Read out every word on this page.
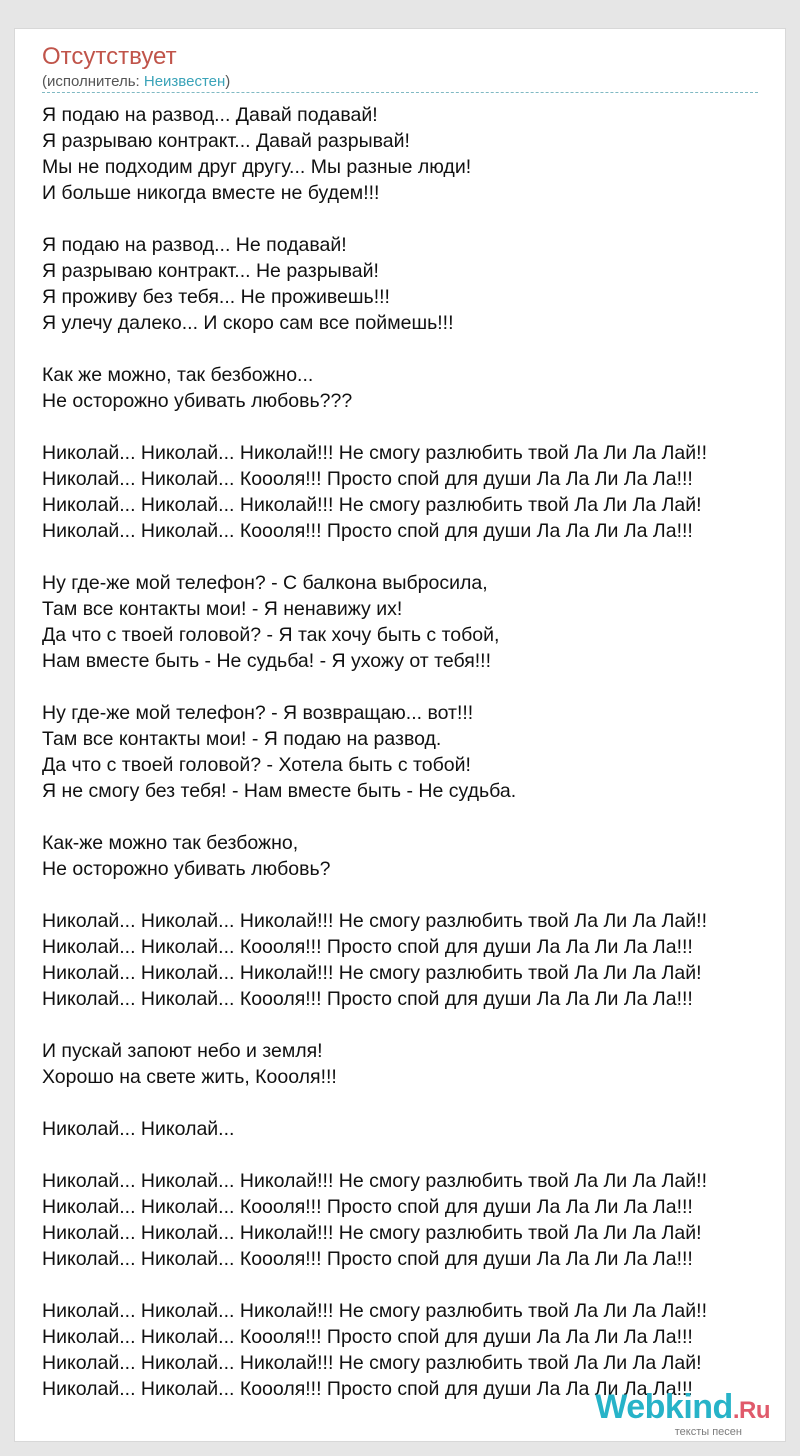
Отсутствует
(исполнитель: Неизвестен)
Я подаю на развод... Давай подавай!
Я разрываю контракт... Давай разрывай!
Мы не подходим друг другу... Мы разные люди!
И больше никогда вместе не будем!!!
Я подаю на развод... Не подавай!
Я разрываю контракт... Не разрывай!
Я проживу без тебя... Не проживешь!!!
Я улечу далеко... И скоро сам все поймешь!!!
Как же можно, так безбожно...
Не осторожно убивать любовь???
Николай... Николай... Николай!!! Не смогу разлюбить твой Ла Ли Ла Лай!!
Николай... Николай... Коооля!!! Просто спой для души Ла Ла Ли Ла Ла!!!
Николай... Николай... Николай!!! Не смогу разлюбить твой Ла Ли Ла Лай!
Николай... Николай... Коооля!!! Просто спой для души Ла Ла Ли Ла Ла!!!
Ну где-же мой телефон? - С балкона выбросила,
Там все контакты мои! - Я ненавижу их!
Да что с твоей головой? - Я так хочу быть с тобой,
Нам вместе быть - Не судьба! - Я ухожу от тебя!!!
Ну где-же мой телефон? - Я возвращаю... вот!!!
Там все контакты мои! - Я подаю на развод.
Да что с твоей головой? - Хотела быть с тобой!
Я не смогу без тебя! - Нам вместе быть - Не судьба.
Как-же можно так безбожно,
Не осторожно убивать любовь?
Николай... Николай... Николай!!! Не смогу разлюбить твой Ла Ли Ла Лай!!
Николай... Николай... Коооля!!! Просто спой для души Ла Ла Ли Ла Ла!!!
Николай... Николай... Николай!!! Не смогу разлюбить твой Ла Ли Ла Лай!
Николай... Николай... Коооля!!! Просто спой для души Ла Ла Ли Ла Ла!!!
И пускай запоют небо и земля!
Хорошо на свете жить, Коооля!!!
Николай... Николай...
Николай... Николай... Николай!!! Не смогу разлюбить твой Ла Ли Ла Лай!!
Николай... Николай... Коооля!!! Просто спой для души Ла Ла Ли Ла Ла!!!
Николай... Николай... Николай!!! Не смогу разлюбить твой Ла Ли Ла Лай!
Николай... Николай... Коооля!!! Просто спой для души Ла Ла Ли Ла Ла!!!
Николай... Николай... Николай!!! Не смогу разлюбить твой Ла Ли Ла Лай!!
Николай... Николай... Коооля!!! Просто спой для души Ла Ла Ли Ла Ла!!!
Николай... Николай... Николай!!! Не смогу разлюбить твой Ла Ли Ла Лай!
Николай... Николай... Коооля!!! Просто спой для души Ла Ла Ли Ла Ла!!!
Webkind.Ru
тексты песен
